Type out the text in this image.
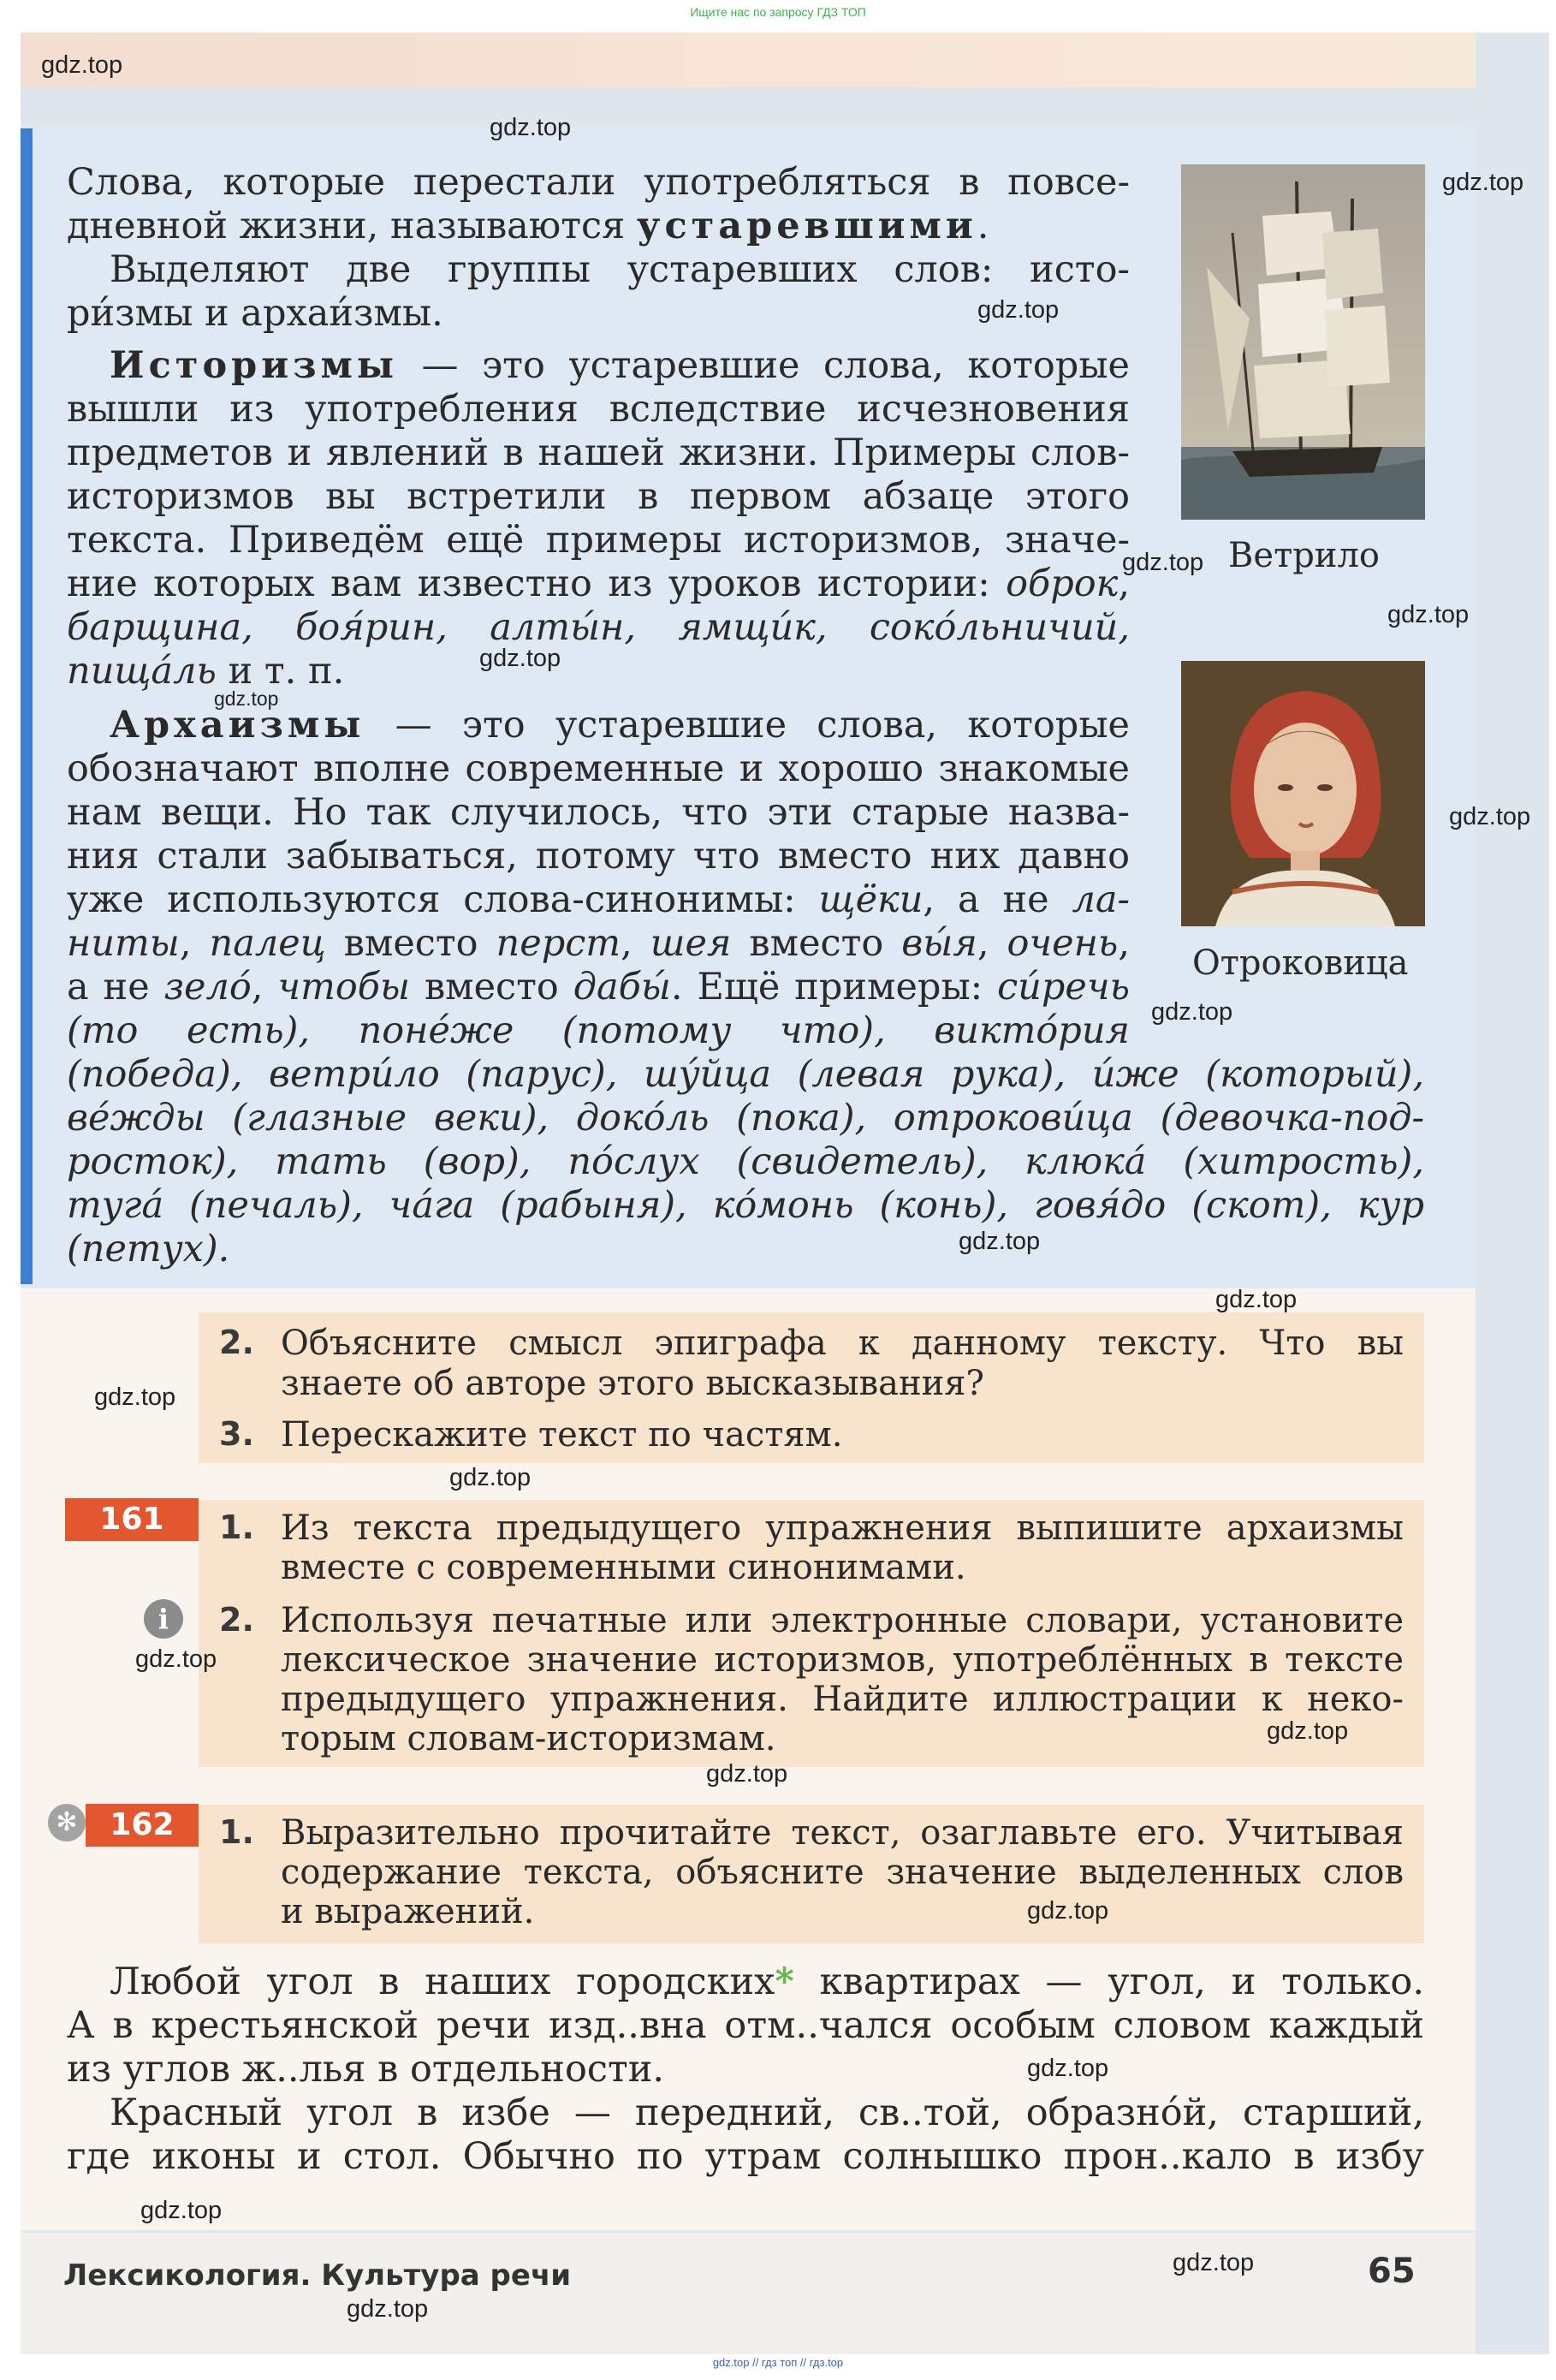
Ищите нас по запросу ГДЗ ТОП
Слова, которые перестали употребляться в повсе-
дневной жизни, называются устаревшими.
Выделяют две группы устаревших слов: исто-
ри́змы и архаи́змы.
Историзмы — это устаревшие слова, которые
вышли из употребления вследствие исчезновения
предметов и явлений в нашей жизни. Примеры слов-
историзмов вы встретили в первом абзаце этого
текста. Приведём ещё примеры историзмов, значе-
ние которых вам известно из уроков истории: оброк,
барщина, боя́рин, алты́н, ямщи́к, соко́льничий,
пища́ль и т. п.
Архаизмы — это устаревшие слова, которые
обозначают вполне современные и хорошо знакомые
нам вещи. Но так случилось, что эти старые назва-
ния стали забываться, потому что вместо них давно
уже используются слова-синонимы: щёки, а не ла-
ниты, палец вместо перст, шея вместо вы́я, очень,
а не зело́, чтобы вместо дабы́. Ещё примеры: си́речь
(то есть), поне́же (потому что), викто́рия
(победа), ветри́ло (парус), шу́йца (левая рука), и́же (который),
ве́жды (глазные веки), доко́ль (пока), отрокови́ца (девочка-под-
росток), тать (вор), по́слух (свидетель), клюка́ (хитрость),
туга́ (печаль), ча́га (рабыня), ко́монь (конь), говя́до (скот), кур
(петух).
Ветрило
Отроковица
2. Объясните смысл эпиграфа к данному тексту. Что вы
знаете об авторе этого высказывания?
3. Перескажите текст по частям.
161	1. Из текста предыдущего упражнения выпишите архаизмы
вместе с современными синонимами.
i	2. Используя печатные или электронные словари, установите
лексическое значение историзмов, употреблённых в тексте
предыдущего упражнения. Найдите иллюстрации к неко-
торым словам-историзмам.
✻	162	1. Выразительно прочитайте текст, озаглавьте его. Учитывая
содержание текста, объясните значение выделенных слов
и выражений.
Любой угол в наших городских* квартирах — угол, и только.
А в крестьянской речи изд..вна отм..чался особым словом каждый
из углов ж..лья в отдельности.
Красный угол в избе — передний, св..той, образно́й, старший,
где иконы и стол. Обычно по утрам солнышко прон..кало в избу
Лексикология. Культура речи	65
gdz.top
gdz.top
gdz.top
gdz.top
gdz.top
gdz.top
gdz.top
gdz.top
gdz.top
gdz.top
gdz.top
gdz.top
gdz.top
gdz.top
gdz.top
gdz.top
gdz.top
gdz.top
gdz.top
gdz.top
gdz.top
gdz.top
gdz.top // гдз топ // гдз.top
